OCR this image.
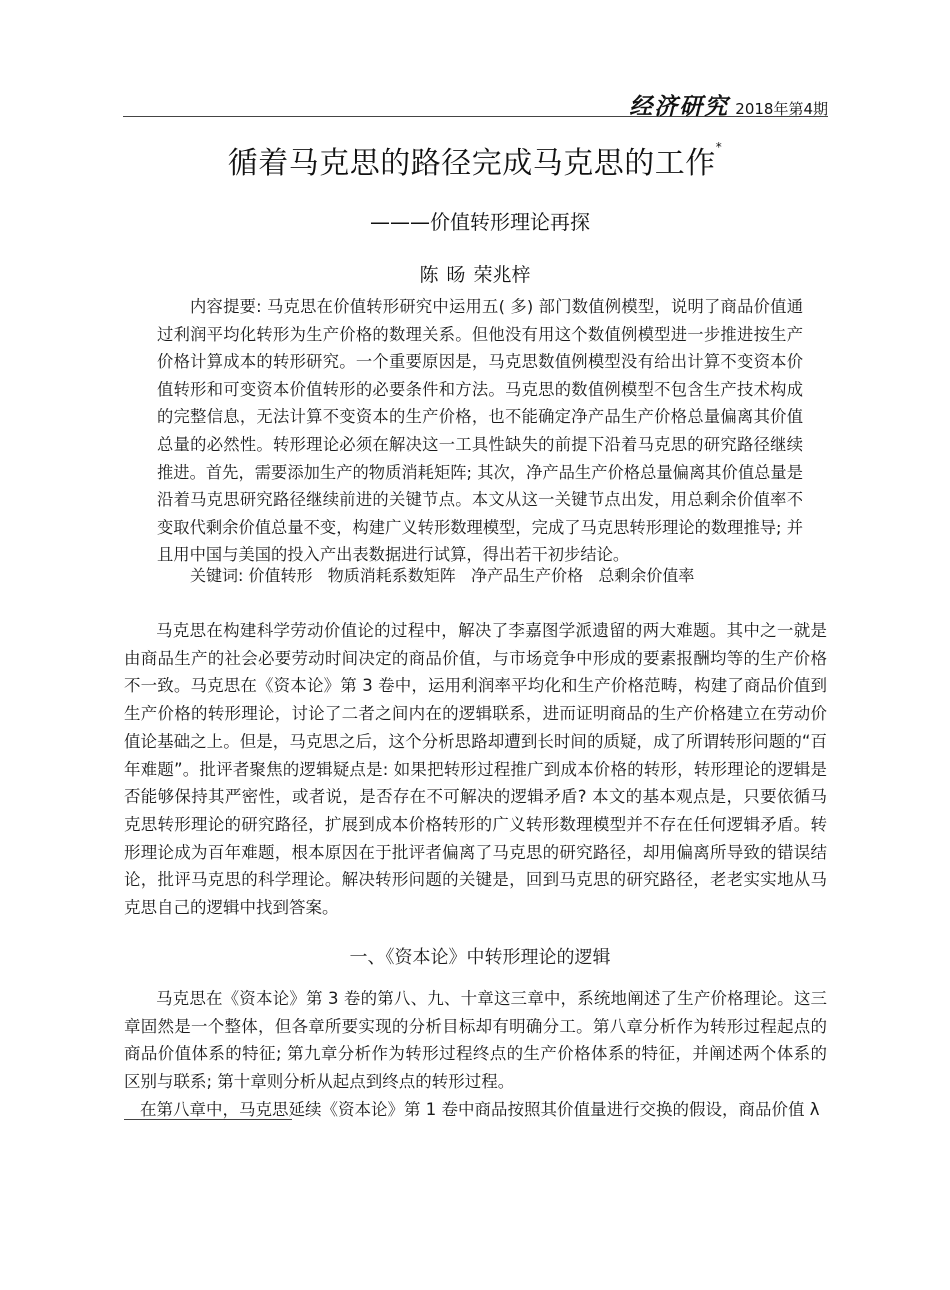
经济研究 2018年第4期
循着马克思的路径完成马克思的工作*
———价值转形理论再探
陈 旸 荣兆梓
内容提要: 马克思在价值转形研究中运用五( 多) 部门数值例模型，说明了商品价值通过利润平均化转形为生产价格的数理关系。但他没有用这个数值例模型进一步推进按生产价格计算成本的转形研究。一个重要原因是，马克思数值例模型没有给出计算不变资本价值转形和可变资本价值转形的必要条件和方法。马克思的数值例模型不包含生产技术构成的完整信息，无法计算不变资本的生产价格，也不能确定净产品生产价格总量偏离其价值总量的必然性。转形理论必须在解决这一工具性缺失的前提下沿着马克思的研究路径继续推进。首先，需要添加生产的物质消耗矩阵; 其次，净产品生产价格总量偏离其价值总量是沿着马克思研究路径继续前进的关键节点。本文从这一关键节点出发，用总剩余价值率不变取代剩余价值总量不变，构建广义转形数理模型，完成了马克思转形理论的数理推导; 并且用中国与美国的投入产出表数据进行试算，得出若干初步结论。
关键词: 价值转形 物质消耗系数矩阵 净产品生产价格 总剩余价值率
马克思在构建科学劳动价值论的过程中，解决了李嘉图学派遗留的两大难题。其中之一就是由商品生产的社会必要劳动时间决定的商品价值，与市场竞争中形成的要素报酬均等的生产价格不一致。马克思在《资本论》第 3 卷中，运用利润率平均化和生产价格范畴，构建了商品价值到生产价格的转形理论，讨论了二者之间内在的逻辑联系，进而证明商品的生产价格建立在劳动价值论基础之上。但是，马克思之后，这个分析思路却遭到长时间的质疑，成了所谓转形问题的“百年难题”。批评者聚焦的逻辑疑点是: 如果把转形过程推广到成本价格的转形，转形理论的逻辑是否能够保持其严密性，或者说，是否存在不可解决的逻辑矛盾? 本文的基本观点是，只要依循马克思转形理论的研究路径，扩展到成本价格转形的广义转形数理模型并不存在任何逻辑矛盾。转形理论成为百年难题，根本原因在于批评者偏离了马克思的研究路径，却用偏离所导致的错误结论，批评马克思的科学理论。解决转形问题的关键是，回到马克思的研究路径，老老实实地从马克思自己的逻辑中找到答案。
一、《资本论》中转形理论的逻辑
马克思在《资本论》第 3 卷的第八、九、十章这三章中，系统地阐述了生产价格理论。这三章固然是一个整体，但各章所要实现的分析目标却有明确分工。第八章分析作为转形过程起点的商品价值体系的特征; 第九章分析作为转形过程终点的生产价格体系的特征，并阐述两个体系的区别与联系; 第十章则分析从起点到终点的转形过程。
在第八章中，马克思延续《资本论》第 1 卷中商品按照其价值量进行交换的假设，商品价值 λ
